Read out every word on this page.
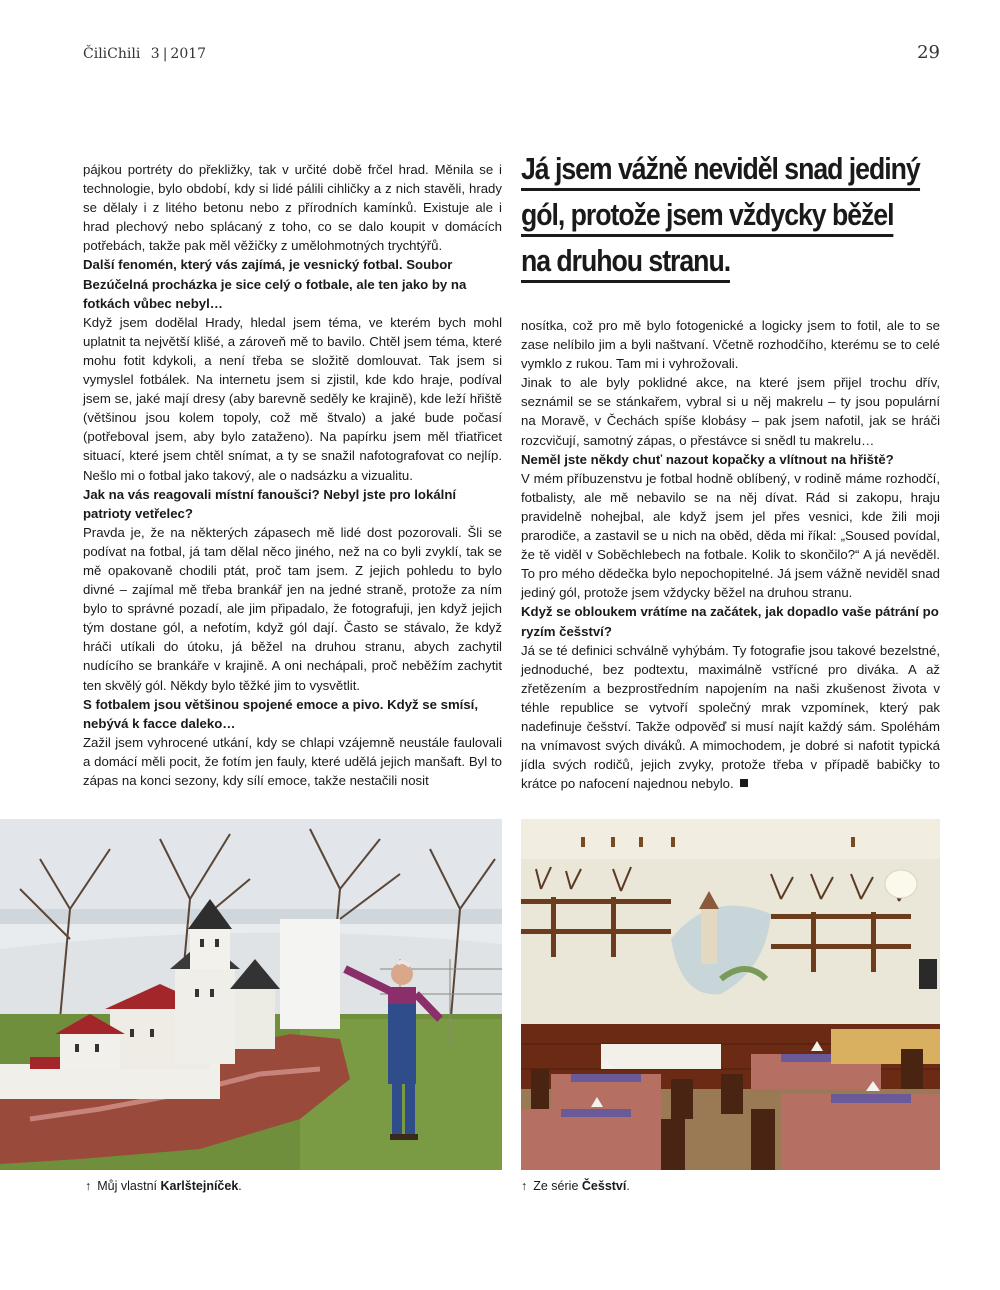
ČiliChili 3 | 2017	29

pájkou portréty do překližky, tak v určité době frčel hrad. Měnila se i technologie, bylo období, kdy si lidé pálili cihličky a z nich stavěli, hrady se dělaly i z litého betonu nebo z přírodních kamínků. Existuje ale i hrad plechový nebo splácaný z toho, co se dalo koupit v domácích potřebách, takže pak měl věžičky z umělohmotných trychtýřů.

Další fenomén, který vás zajímá, je vesnický fotbal. Soubor Bezúčelná procházka je sice celý o fotbale, ale ten jako by na fotkách vůbec nebyl…

Když jsem dodělal Hrady, hledal jsem téma, ve kterém bych mohl uplatnit ta největší klišé, a zároveň mě to bavilo. Chtěl jsem téma, které mohu fotit kdykoli, a není třeba se složitě domlouvat. Tak jsem si vymyslel fotbálek. Na internetu jsem si zjistil, kde kdo hraje, podíval jsem se, jaké mají dresy (aby barevně seděly ke krajině), kde leží hřiště (většinou jsou kolem topoly, což mě štvalo) a jaké bude počasí (potřeboval jsem, aby bylo zataženo). Na papírku jsem měl třiatřicet situací, které jsem chtěl snímat, a ty se snažil nafotografovat co nejlíp. Nešlo mi o fotbal jako takový, ale o nadsázku a vizualitu.

Jak na vás reagovali místní fanoušci? Nebyl jste pro lokální patrioty vetřelec?

Pravda je, že na některých zápasech mě lidé dost pozorovali. Šli se podívat na fotbal, já tam dělal něco jiného, než na co byli zvyklí, tak se mě opakovaně chodili ptát, proč tam jsem. Z jejich pohledu to bylo divné – zajímal mě třeba brankář jen na jedné straně, protože za ním bylo to správné pozadí, ale jim připadalo, že fotografuji, jen když jejich tým dostane gól, a nefotím, když gól dají. Často se stávalo, že když hráči utíkali do útoku, já běžel na druhou stranu, abych zachytil nudícího se brankáře v krajině. A oni nechápali, proč neběžím zachytit ten skvělý gól. Někdy bylo těžké jim to vysvětlit.

S fotbalem jsou většinou spojené emoce a pivo. Když se smísí, nebývá k facce daleko…

Zažil jsem vyhrocené utkání, kdy se chlapi vzájemně neustále faulovali a domácí měli pocit, že fotím jen fauly, které udělá jejich manšaft. Byl to zápas na konci sezony, kdy sílí emoce, takže nestačili nosit

Já jsem vážně neviděl snad jediný
gól, protože jsem vždycky běžel
na druhou stranu.

nosítka, což pro mě bylo fotogenické a logicky jsem to fotil, ale to se zase nelíbilo jim a byli naštvaní. Včetně rozhodčího, kterému se to celé vymklo z rukou. Tam mi i vyhrožovali.

Jinak to ale byly poklidné akce, na které jsem přijel trochu dřív, seznámil se se stánkařem, vybral si u něj makrelu – ty jsou populární na Moravě, v Čechách spíše klobásy – pak jsem nafotil, jak se hráči rozcvičují, samotný zápas, o přestávce si snědl tu makrelu…

Neměl jste někdy chuť nazout kopačky a vlítnout na hřiště?

V mém příbuzenstvu je fotbal hodně oblíbený, v rodině máme rozhodčí, fotbalisty, ale mě nebavilo se na něj dívat. Rád si zakopu, hraju pravidelně nohejbal, ale když jsem jel přes vesnici, kde žili moji prarodiče, a zastavil se u nich na oběd, děda mi říkal: „Soused povídal, že tě viděl v Soběchlebech na fotbale. Kolik to skončilo?“ A já nevěděl. To pro mého dědečka bylo nepochopitelné. Já jsem vážně neviděl snad jediný gól, protože jsem vždycky běžel na druhou stranu.

Když se obloukem vrátíme na začátek, jak dopadlo vaše pátrání po ryzím češství?

Já se té definici schválně vyhýbám. Ty fotografie jsou takové bezelstné, jednoduché, bez podtextu, maximálně vstřícné pro diváka. A až zřetězením a bezprostředním napojením na naši zkušenost života v téhle republice se vytvoří společný mrak vzpomínek, který pak nadefinuje češství. Takže odpověď si musí najít každý sám. Spoléhám na vnímavost svých diváků. A mimochodem, je dobré si nafotit typická jídla svých rodičů, jejich zvyky, protože třeba v případě babičky to krátce po nafocení najednou nebylo.

↑ Můj vlastní Karlštejníček.	↑ Ze série Češství.
